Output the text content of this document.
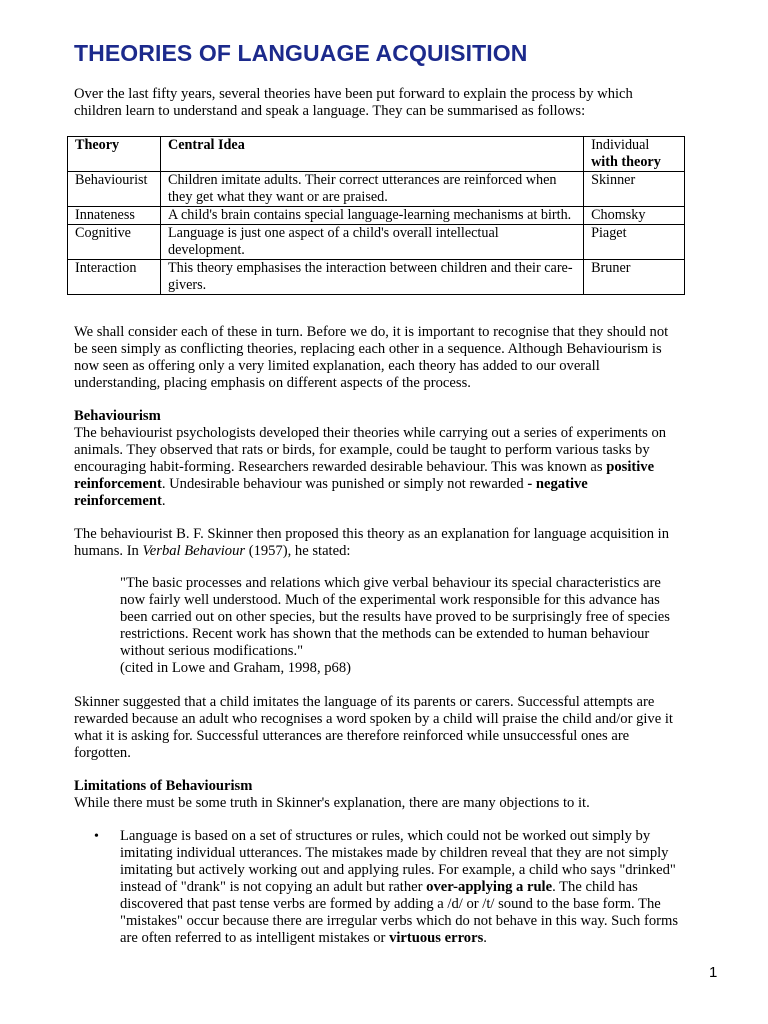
THEORIES OF LANGUAGE ACQUISITION

Over the last fifty years, several theories have been put forward to explain the process by which
children learn to understand and speak a language. They can be summarised as follows:

Theory	Central Idea	Individual with theory
Behaviourist	Children imitate adults. Their correct utterances are reinforced when they get what they want or are praised.	Skinner
Innateness	A child's brain contains special language-learning mechanisms at birth.	Chomsky
Cognitive	Language is just one aspect of a child's overall intellectual development.	Piaget
Interaction	This theory emphasises the interaction between children and their care-givers.	Bruner

We shall consider each of these in turn. Before we do, it is important to recognise that they should not
be seen simply as conflicting theories, replacing each other in a sequence. Although Behaviourism is
now seen as offering only a very limited explanation, each theory has added to our overall
understanding, placing emphasis on different aspects of the process.

Behaviourism
The behaviourist psychologists developed their theories while carrying out a series of experiments on
animals. They observed that rats or birds, for example, could be taught to perform various tasks by
encouraging habit-forming. Researchers rewarded desirable behaviour. This was known as positive
reinforcement. Undesirable behaviour was punished or simply not rewarded - negative
reinforcement.

The behaviourist B. F. Skinner then proposed this theory as an explanation for language acquisition in
humans. In Verbal Behaviour (1957), he stated:

"The basic processes and relations which give verbal behaviour its special characteristics are
now fairly well understood. Much of the experimental work responsible for this advance has
been carried out on other species, but the results have proved to be surprisingly free of species
restrictions. Recent work has shown that the methods can be extended to human behaviour
without serious modifications."
(cited in Lowe and Graham, 1998, p68)

Skinner suggested that a child imitates the language of its parents or carers. Successful attempts are
rewarded because an adult who recognises a word spoken by a child will praise the child and/or give it
what it is asking for. Successful utterances are therefore reinforced while unsuccessful ones are
forgotten.

Limitations of Behaviourism
While there must be some truth in Skinner's explanation, there are many objections to it.
• Language is based on a set of structures or rules, which could not be worked out simply by
imitating individual utterances. The mistakes made by children reveal that they are not simply
imitating but actively working out and applying rules. For example, a child who says "drinked"
instead of "drank" is not copying an adult but rather over-applying a rule. The child has
discovered that past tense verbs are formed by adding a /d/ or /t/ sound to the base form. The
"mistakes" occur because there are irregular verbs which do not behave in this way. Such forms
are often referred to as intelligent mistakes or virtuous errors.

1
